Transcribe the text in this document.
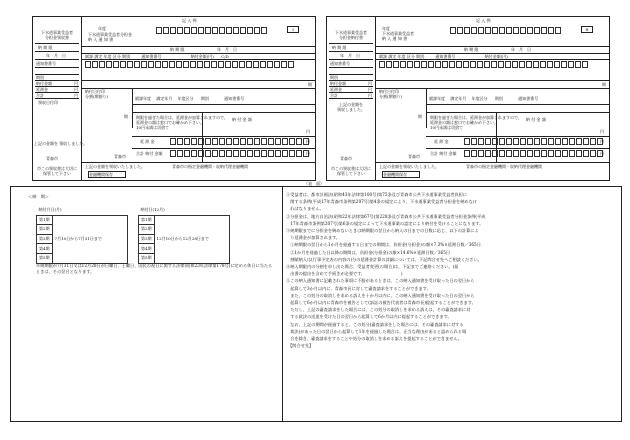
下水道事業受益者
分担金領収書
納 期 限
年　月　日
通知書番号
期別
納付金額	円
延滞金	円
合計	円
領収日付印
上記の金額を 領収しました。
青森市
市この領収書は大切に
保管して下さい
記 入 例
I
年度
下水道事業受益者分担金
納 入 通 知 書
納 期 限	年　月　日
賦課 調定 年度 区分 期別	通知書番号	納付金額(円) C/D
期
納付日付印
分割(期割り)	賦課年度 調定年月 年度区分 期別	通知書番号
期 期限を過ぎた場合は、延滞金が加算されますので、
延滞金の額は窓口でお確かめ下さい。
10円未満は切捨て
納 付 金 額
円
延 滞 金	円
合計 納付 金額	円
青森市
上記の金額を領収いたしました。	青森市の指定金融機関・収納代理金融機関
金融機関保存
下水道事業受益者
分担金納付書
納 期 限
年　月　日
通知書番号
期別
納付金額	円
延滞金	円
合計	円
上記の金額を
領収しました。
青森市
市この領収書は大切に
保管して下さい
記 入 例
II
年度
下水道事業受益者
納 入 通 知 書
納 期 限	年　月　日
賦課 調定 年度 区分 期別	通知書番号	納付金額(円)
期
納付日付印
分割(期割り)	賦課年度 調定年月 年度区分 期別	通知書番号
期 期限を過ぎた場合は、延滞金が加算されますので、
延滞金の額は窓口でお確かめ下さい。
10円未満は切捨て
納 付 金 額
円
延 滞 金	円
合計 納付 金額	円
青森市
上記の金額を領収いたしました。	青森市の指定金融機関・収納代理金融機関
金融機関保存
（表　面）
＜納　期＞
納付月日(月)	
第1期	
第2期	
第3期	7月10日から7月31日まで
第4期	
第5期	
納付日(12月)	
第1期	
第2期	
第3期	12月10日から12月28日まで
第4期	
第5期	
※納期限が7月31日又は12月28日が日曜日、土曜日、国民の祝日に関する法律(昭和23年法律第178号)に定める休日に当たるときは、その翌日となります。

①受益者は、都市計画法(昭和43年法律第100号)第75条及び青森市公共下水道事業受益者負担に

　関する条例(平成17年青森市条例第207号)第4条の規定により、下水道事業受益者分担金を納めなけ

　ればなりません。

②分担金は、地方自治法(昭和22年法律第67号)第228条及び青森市公共下水道事業受益者分担金条例(平成

　17年青森市条例第207号)第6条の規定によって下水道事業の認定により納付を受けることになります。

③納期限までに分担金を納めないときは納期限の翌日から納入の日までの日数に応じ、以下の計算によ

　り延滞金が加算されます。

　①納期限の翌日から1か月を経過する日までの期間は、負担金(分担金)の額×7.3%×延滞日数／365日

　②1か月を経過した日以降の期間は、負担金(分担金)の額×14.6%×延滞日数／365日

　割賦納入は(行事予定表の内容の)分の延滞金計算の詳細については、下記問合せ先へご相談ください。

④納入期限内の分割を申し出た場合、受益者変更(の場合)は、下記までご連絡ください。(届

　出書の提出を含めて手続きが必要です。　　　　　　　　　)

⑤この納入通知書に記載された事項に不服があるときは、この納入通知書を受け取った日の翌日から

　起算して3か月以内に、青森市長に対して審査請求をすることができます。

　また、この処分の取消しを求める訴えを十か月以内に、この納入通知書を受け取った日の翌日から

　起算して6か月以内に青森市を被告として(訴訟の被告代表者は青森市長)提起することができます。

　ただし、上記の審査請求をした場合には、この処分の取消しを求める訴えは、その審査請求に対

　する裁決の送達を受けた日の翌日から起算して6か月以内に提起することができます。

　なお、上記の期間が経過すると、この処分(審査請求をした場合には、その審査請求に対する

　裁決)があった日の翌日から起算して1年を経過した場合は、正当な理由があると認められる場

　合を除き、審査請求をすることや処分の取消しを求める訴えを提起することができません。

　【問合せ先】
